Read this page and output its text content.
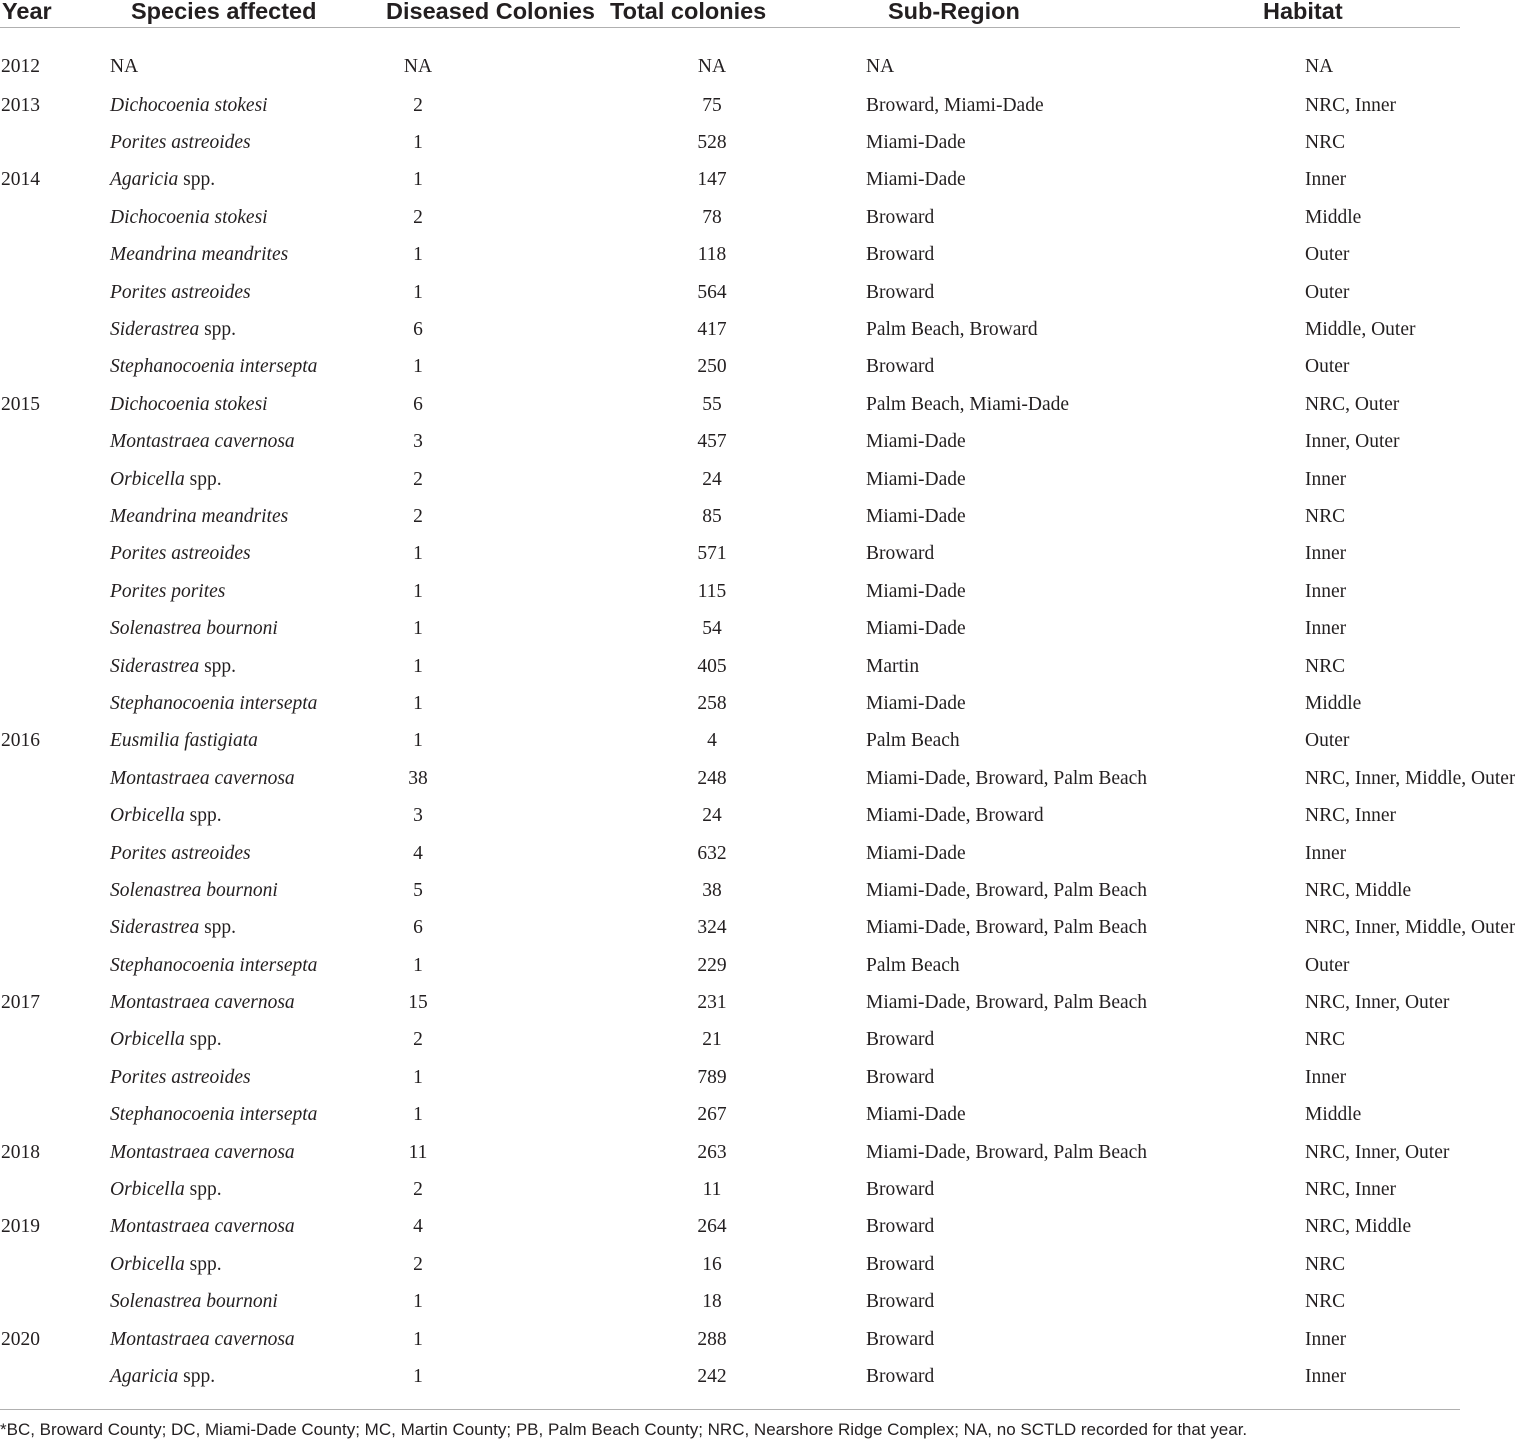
Year	Species affected	Diseased Colonies	Total colonies	Sub-Region	Habitat
2012	NA	NA	NA	NA	NA
2013	Dichocoenia stokesi	2	75	Broward, Miami-Dade	NRC, Inner
	Porites astreoides	1	528	Miami-Dade	NRC
2014	Agaricia spp.	1	147	Miami-Dade	Inner
	Dichocoenia stokesi	2	78	Broward	Middle
	Meandrina meandrites	1	118	Broward	Outer
	Porites astreoides	1	564	Broward	Outer
	Siderastrea spp.	6	417	Palm Beach, Broward	Middle, Outer
	Stephanocoenia intersepta	1	250	Broward	Outer
2015	Dichocoenia stokesi	6	55	Palm Beach, Miami-Dade	NRC, Outer
	Montastraea cavernosa	3	457	Miami-Dade	Inner, Outer
	Orbicella spp.	2	24	Miami-Dade	Inner
	Meandrina meandrites	2	85	Miami-Dade	NRC
	Porites astreoides	1	571	Broward	Inner
	Porites porites	1	115	Miami-Dade	Inner
	Solenastrea bournoni	1	54	Miami-Dade	Inner
	Siderastrea spp.	1	405	Martin	NRC
	Stephanocoenia intersepta	1	258	Miami-Dade	Middle
2016	Eusmilia fastigiata	1	4	Palm Beach	Outer
	Montastraea cavernosa	38	248	Miami-Dade, Broward, Palm Beach	NRC, Inner, Middle, Outer
	Orbicella spp.	3	24	Miami-Dade, Broward	NRC, Inner
	Porites astreoides	4	632	Miami-Dade	Inner
	Solenastrea bournoni	5	38	Miami-Dade, Broward, Palm Beach	NRC, Middle
	Siderastrea spp.	6	324	Miami-Dade, Broward, Palm Beach	NRC, Inner, Middle, Outer
	Stephanocoenia intersepta	1	229	Palm Beach	Outer
2017	Montastraea cavernosa	15	231	Miami-Dade, Broward, Palm Beach	NRC, Inner, Outer
	Orbicella spp.	2	21	Broward	NRC
	Porites astreoides	1	789	Broward	Inner
	Stephanocoenia intersepta	1	267	Miami-Dade	Middle
2018	Montastraea cavernosa	11	263	Miami-Dade, Broward, Palm Beach	NRC, Inner, Outer
	Orbicella spp.	2	11	Broward	NRC, Inner
2019	Montastraea cavernosa	4	264	Broward	NRC, Middle
	Orbicella spp.	2	16	Broward	NRC
	Solenastrea bournoni	1	18	Broward	NRC
2020	Montastraea cavernosa	1	288	Broward	Inner
	Agaricia spp.	1	242	Broward	Inner
*BC, Broward County; DC, Miami-Dade County; MC, Martin County; PB, Palm Beach County; NRC, Nearshore Ridge Complex; NA, no SCTLD recorded for that year.
